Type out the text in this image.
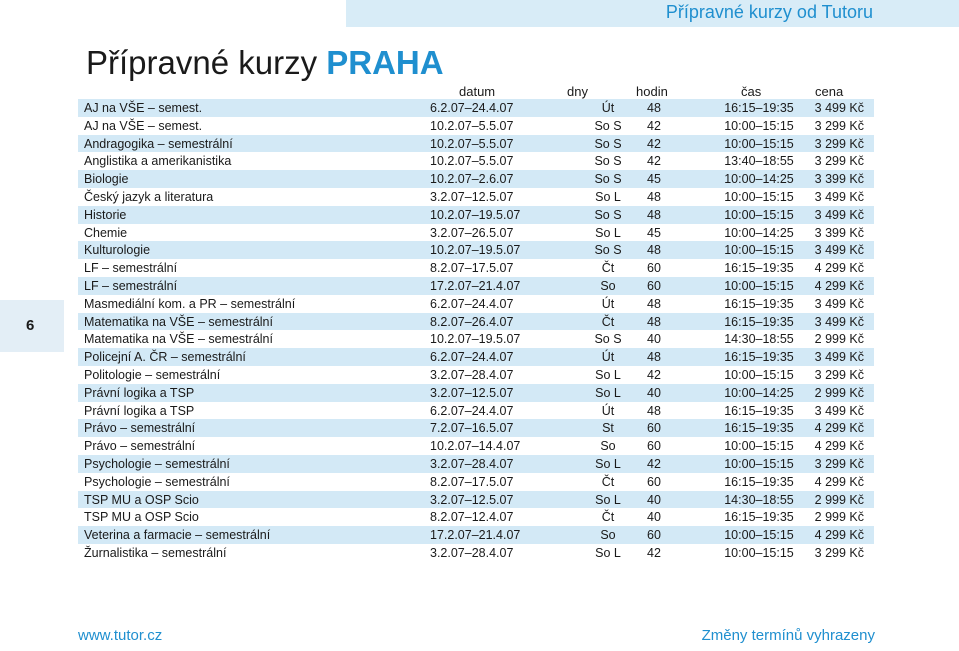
Přípravné kurzy od Tutoru
6
Přípravné kurzy PRAHA
datum	dny	hodin	čas	cena
AJ na VŠE – semest.	6.2.07–24.4.07	Út	48	16:15–19:35	3 499 Kč
AJ na VŠE – semest.	10.2.07–5.5.07	So S	42	10:00–15:15	3 299 Kč
Andragogika – semestrální	10.2.07–5.5.07	So S	42	10:00–15:15	3 299 Kč
Anglistika a amerikanistika	10.2.07–5.5.07	So S	42	13:40–18:55	3 299 Kč
Biologie	10.2.07–2.6.07	So S	45	10:00–14:25	3 399 Kč
Český jazyk a literatura	3.2.07–12.5.07	So L	48	10:00–15:15	3 499 Kč
Historie	10.2.07–19.5.07	So S	48	10:00–15:15	3 499 Kč
Chemie	3.2.07–26.5.07	So L	45	10:00–14:25	3 399 Kč
Kulturologie	10.2.07–19.5.07	So S	48	10:00–15:15	3 499 Kč
LF – semestrální	8.2.07–17.5.07	Čt	60	16:15–19:35	4 299 Kč
LF – semestrální	17.2.07–21.4.07	So	60	10:00–15:15	4 299 Kč
Masmediální kom. a PR – semestrální	6.2.07–24.4.07	Út	48	16:15–19:35	3 499 Kč
Matematika na VŠE – semestrální	8.2.07–26.4.07	Čt	48	16:15–19:35	3 499 Kč
Matematika na VŠE – semestrální	10.2.07–19.5.07	So S	40	14:30–18:55	2 999 Kč
Policejní A. ČR – semestrální	6.2.07–24.4.07	Út	48	16:15–19:35	3 499 Kč
Politologie – semestrální	3.2.07–28.4.07	So L	42	10:00–15:15	3 299 Kč
Právní logika a TSP	3.2.07–12.5.07	So L	40	10:00–14:25	2 999 Kč
Právní logika a TSP	6.2.07–24.4.07	Út	48	16:15–19:35	3 499 Kč
Právo – semestrální	7.2.07–16.5.07	St	60	16:15–19:35	4 299 Kč
Právo – semestrální	10.2.07–14.4.07	So	60	10:00–15:15	4 299 Kč
Psychologie – semestrální	3.2.07–28.4.07	So L	42	10:00–15:15	3 299 Kč
Psychologie – semestrální	8.2.07–17.5.07	Čt	60	16:15–19:35	4 299 Kč
TSP MU a OSP Scio	3.2.07–12.5.07	So L	40	14:30–18:55	2 999 Kč
TSP MU a OSP Scio	8.2.07–12.4.07	Čt	40	16:15–19:35	2 999 Kč
Veterina a farmacie – semestrální	17.2.07–21.4.07	So	60	10:00–15:15	4 299 Kč
Žurnalistika – semestrální	3.2.07–28.4.07	So L	42	10:00–15:15	3 299 Kč
www.tutor.cz	Změny termínů vyhrazeny
